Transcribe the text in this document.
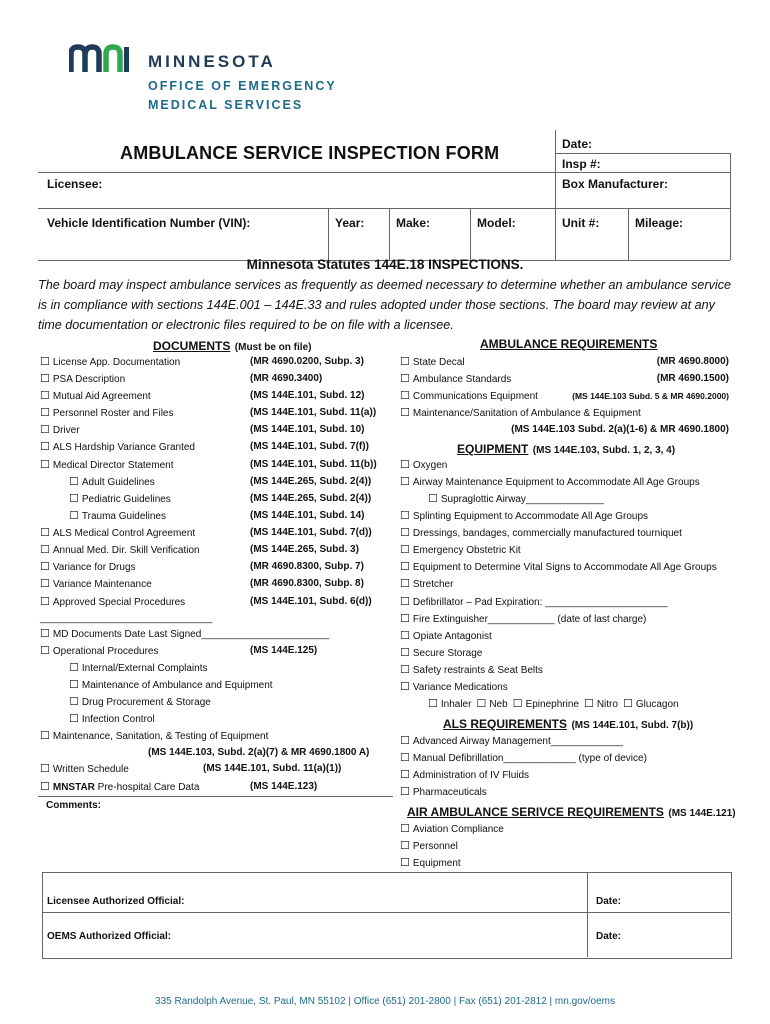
MINNESOTA
OFFICE OF EMERGENCY
MEDICAL SERVICES
AMBULANCE SERVICE INSPECTION FORM	Date:
Insp #:
Licensee:	Box Manufacturer:
Vehicle Identification Number (VIN):	Year:	Make:	Model:	Unit #:	Mileage:
Minnesota Statutes 144E.18 INSPECTIONS.
The board may inspect ambulance services as frequently as deemed necessary to determine whether an ambulance service is in compliance with sections 144E.001 – 144E.33 and rules adopted under those sections. The board may review at any time documentation or electronic files required to be on file with a licensee.
DOCUMENTS (Must be on file)	AMBULANCE REQUIREMENTS
☐ License App. Documentation	(MR 4690.0200, Subp. 3)
☐ PSA Description	(MR 4690.3400)
☐ Mutual Aid Agreement	(MS 144E.101, Subd. 12)
☐ Personnel Roster and Files	(MS 144E.101, Subd. 11(a))
☐ Driver	(MS 144E.101, Subd. 10)
☐ ALS Hardship Variance Granted	(MS 144E.101, Subd. 7(f))
☐ Medical Director Statement	(MS 144E.101, Subd. 11(b))
☐ Adult Guidelines	(MS 144E.265, Subd. 2(4))
☐ Pediatric Guidelines	(MS 144E.265, Subd. 2(4))
☐ Trauma Guidelines	(MS 144E.101, Subd. 14)
☐ ALS Medical Control Agreement	(MS 144E.101, Subd. 7(d))
☐ Annual Med. Dir. Skill Verification	(MS 144E.265, Subd. 3)
☐ Variance for Drugs	(MR 4690.8300, Subp. 7)
☐ Variance Maintenance	(MR 4690.8300, Subp. 8)
☐ Approved Special Procedures	(MS 144E.101, Subd. 6(d))
_______________________________
☐ MD Documents Date Last Signed_______________________
☐ Operational Procedures	(MS 144E.125)
☐ Internal/External Complaints
☐ Maintenance of Ambulance and Equipment
☐ Drug Procurement & Storage
☐ Infection Control
☐ Maintenance, Sanitation, & Testing of Equipment
(MS 144E.103, Subd. 2(a)(7) & MR 4690.1800 A)
☐ Written Schedule	(MS 144E.101, Subd. 11(a)(1))
☐ MNSTAR Pre-hospital Care Data	(MS 144E.123)
☐ State Decal	(MR 4690.8000)
☐ Ambulance Standards	(MR 4690.1500)
☐ Communications Equipment	(MS 144E.103 Subd. 5 & MR 4690.2000)
☐ Maintenance/Sanitation of Ambulance & Equipment
(MS 144E.103 Subd. 2(a)(1-6) & MR 4690.1800)
EQUIPMENT (MS 144E.103, Subd. 1, 2, 3, 4)
☐ Oxygen
☐ Airway Maintenance Equipment to Accommodate All Age Groups
☐ Supraglottic Airway______________
☐ Splinting Equipment to Accommodate All Age Groups
☐ Dressings, bandages, commercially manufactured tourniquet
☐ Emergency Obstetric Kit
☐ Equipment to Determine Vital Signs to Accommodate All Age Groups
☐ Stretcher
☐ Defibrillator – Pad Expiration: ______________________
☐ Fire Extinguisher____________ (date of last charge)
☐ Opiate Antagonist
☐ Secure Storage
☐ Safety restraints & Seat Belts
☐ Variance Medications
☐ Inhaler ☐ Neb ☐ Epinephrine ☐ Nitro ☐ Glucagon
ALS REQUIREMENTS (MS 144E.101, Subd. 7(b))
☐ Advanced Airway Management_____________
☐ Manual Defibrillation_____________ (type of device)
☐ Administration of IV Fluids
☐ Pharmaceuticals
AIR AMBULANCE SERIVCE REQUIREMENTS (MS 144E.121)
☐ Aviation Compliance
☐ Personnel
☐ Equipment
Comments:
Licensee Authorized Official:	Date:
OEMS Authorized Official:	Date:
335 Randolph Avenue, St. Paul, MN 55102 | Office (651) 201-2800 | Fax (651) 201-2812 | mn.gov/oems
